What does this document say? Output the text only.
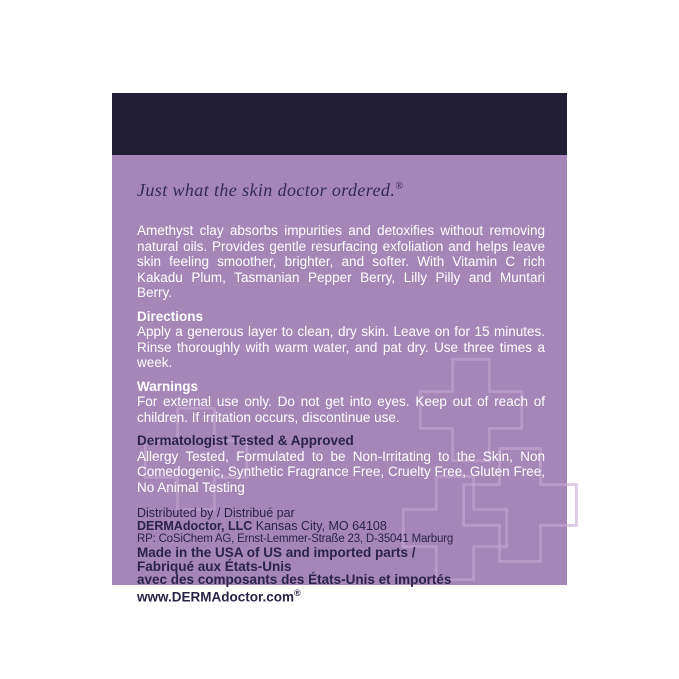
Just what the skin doctor ordered.®

Amethyst clay absorbs impurities and detoxifies without removing natural oils. Provides gentle resurfacing exfoliation and helps leave skin feeling smoother, brighter, and softer. With Vitamin C rich Kakadu Plum, Tasmanian Pepper Berry, Lilly Pilly and Muntari Berry.

Directions

Apply a generous layer to clean, dry skin. Leave on for 15 minutes. Rinse thoroughly with warm water, and pat dry. Use three times a week.

Warnings

For external use only. Do not get into eyes. Keep out of reach of children. If irritation occurs, discontinue use.

Dermatologist Tested & Approved

Allergy Tested, Formulated to be Non-Irritating to the Skin, Non Comedogenic, Synthetic Fragrance Free, Cruelty Free, Gluten Free, No Animal Testing

Distributed by / Distribué par

DERMAdoctor, LLC Kansas City, MO 64108

RP: CoSiChem AG, Ernst-Lemmer-Straße 23, D-35041 Marburg

Made in the USA of US and imported parts /

Fabriqué aux États-Unis

avec des composants des États-Unis et importés

www.DERMAdoctor.com®
